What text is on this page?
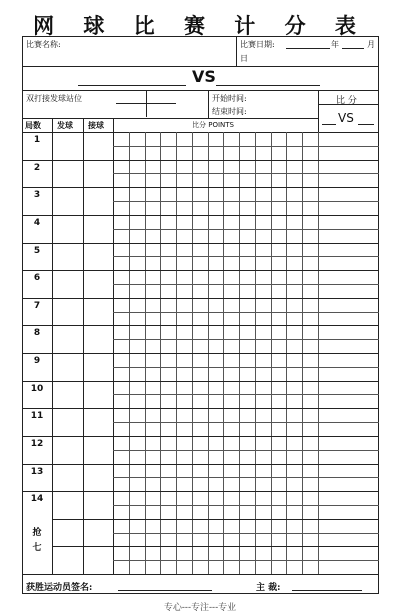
网 球 比 赛 计 分 表
比赛名称:	比赛日期:	年	月
日
VS
双打接发球站位	开始时间:
结束时间:
比 分
VS
局数 发球 接球	比分 POINTS
1
2
3
4
5
6
7
8
9
10
11
12
13
14
抢
七
获胜运动员签名:	主 裁:
专心---专注---专业
